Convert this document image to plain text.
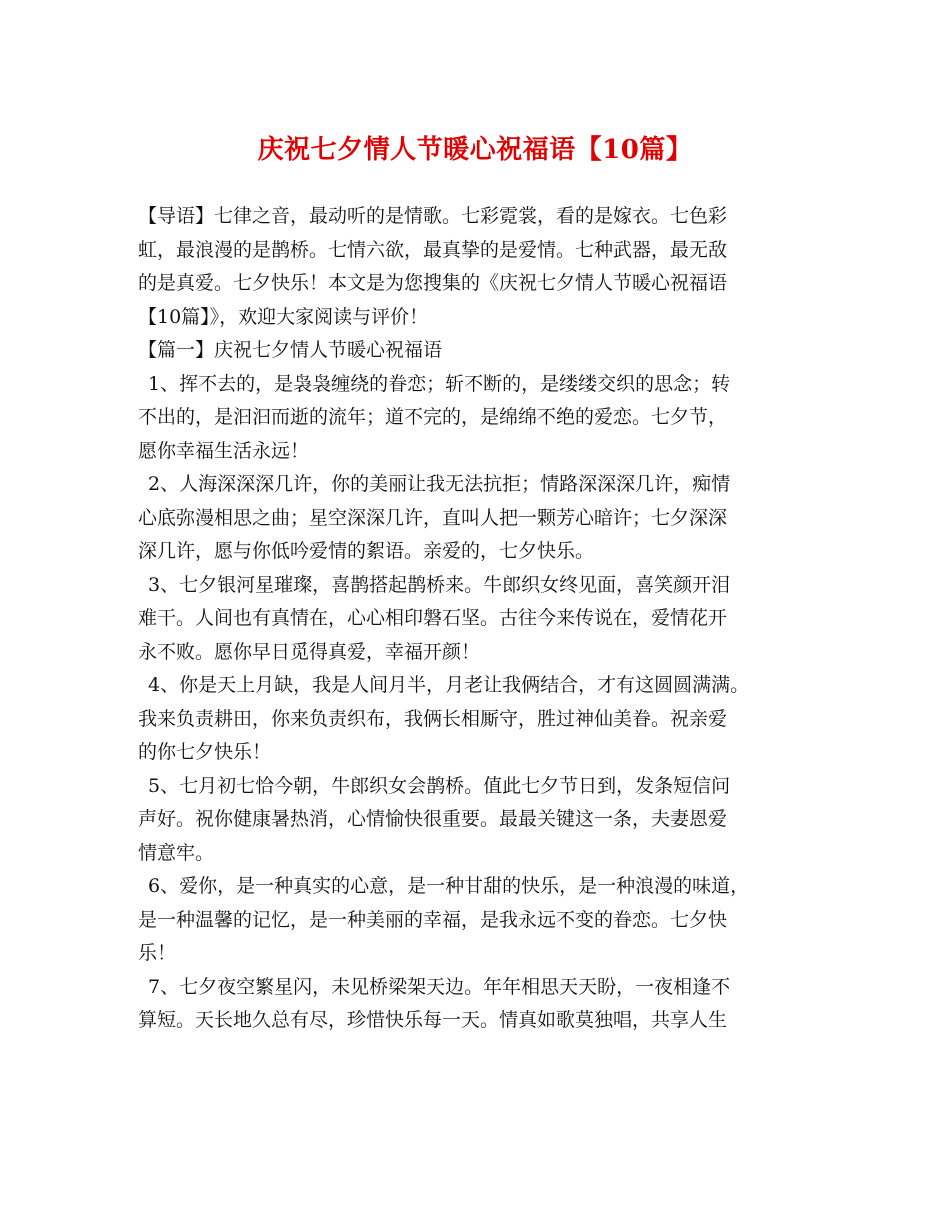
庆祝七夕情人节暖心祝福语【10篇】
【导语】七律之音，最动听的是情歌。七彩霓裳，看的是嫁衣。七色彩
虹，最浪漫的是鹊桥。七情六欲，最真挚的是爱情。七种武器，最无敌
的是真爱。七夕快乐！本文是为您搜集的《庆祝七夕情人节暖心祝福语
【10篇】》，欢迎大家阅读与评价！
【篇一】庆祝七夕情人节暖心祝福语
1、挥不去的，是袅袅缠绕的眷恋；斩不断的，是缕缕交织的思念；转
不出的，是汩汩而逝的流年；道不完的，是绵绵不绝的爱恋。七夕节，
愿你幸福生活永远！
2、人海深深深几许，你的美丽让我无法抗拒；情路深深深几许，痴情
心底弥漫相思之曲；星空深深几许，直叫人把一颗芳心暗许；七夕深深
深几许，愿与你低吟爱情的絮语。亲爱的，七夕快乐。
3、七夕银河星璀璨，喜鹊搭起鹊桥来。牛郎织女终见面，喜笑颜开泪
难干。人间也有真情在，心心相印磐石坚。古往今来传说在，爱情花开
永不败。愿你早日觅得真爱，幸福开颜！
4、你是天上月缺，我是人间月半，月老让我俩结合，才有这圆圆满满。
我来负责耕田，你来负责织布，我俩长相厮守，胜过神仙美眷。祝亲爱
的你七夕快乐！
5、七月初七恰今朝，牛郎织女会鹊桥。值此七夕节日到，发条短信问
声好。祝你健康暑热消，心情愉快很重要。最最关键这一条，夫妻恩爱
情意牢。
6、爱你，是一种真实的心意，是一种甘甜的快乐，是一种浪漫的味道，
是一种温馨的记忆，是一种美丽的幸福，是我永远不变的眷恋。七夕快
乐！
7、七夕夜空繁星闪，未见桥梁架天边。年年相思天天盼，一夜相逢不
算短。天长地久总有尽，珍惜快乐每一天。情真如歌莫独唱，共享人生
